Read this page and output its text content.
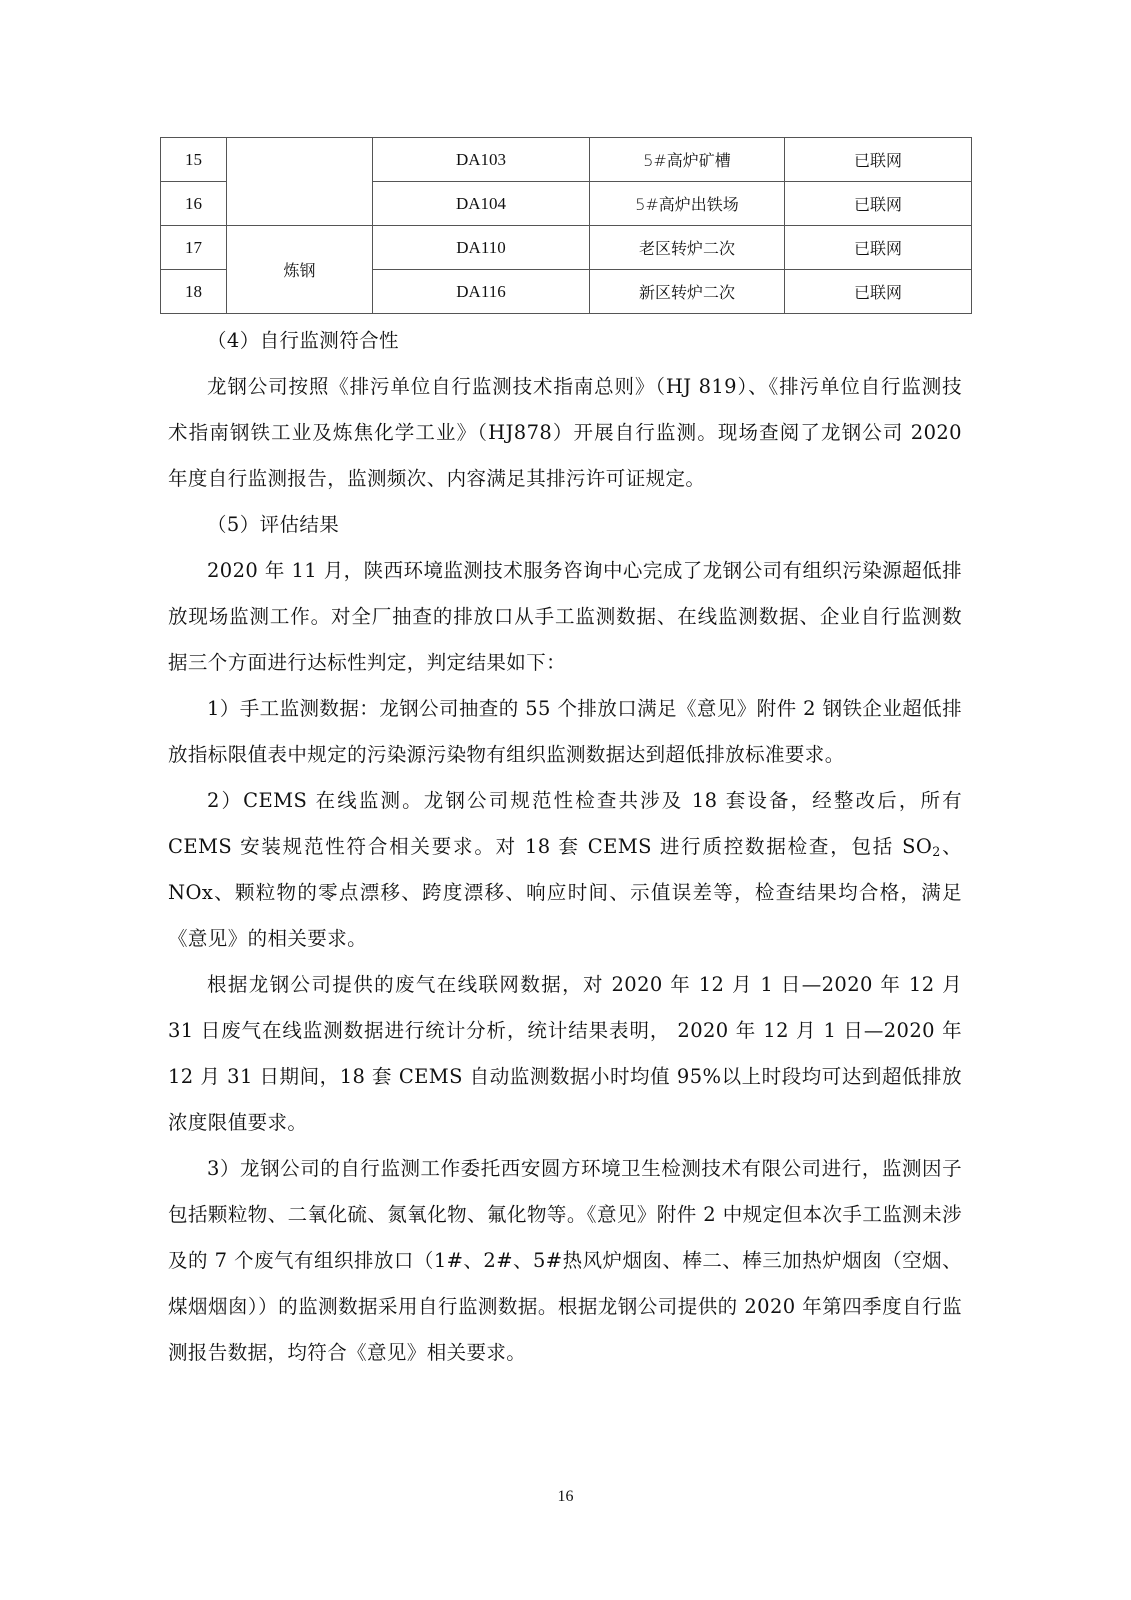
15		DA103	5#高炉矿槽	已联网
16		DA104	5#高炉出铁场	已联网
17	炼钢	DA110	老区转炉二次	已联网
18		DA116	新区转炉二次	已联网

（4）自行监测符合性

龙钢公司按照《排污单位自行监测技术指南总则》（HJ 819）、《排污单位自行监测技术指南钢铁工业及炼焦化学工业》（HJ878）开展自行监测。现场查阅了龙钢公司 2020 年度自行监测报告，监测频次、内容满足其排污许可证规定。

（5）评估结果

2020 年 11 月，陕西环境监测技术服务咨询中心完成了龙钢公司有组织污染源超低排放现场监测工作。对全厂抽查的排放口从手工监测数据、在线监测数据、企业自行监测数据三个方面进行达标性判定，判定结果如下：

1）手工监测数据：龙钢公司抽查的 55 个排放口满足《意见》附件 2 钢铁企业超低排放指标限值表中规定的污染源污染物有组织监测数据达到超低排放标准要求。

2）CEMS 在线监测。龙钢公司规范性检查共涉及 18 套设备，经整改后，所有 CEMS 安装规范性符合相关要求。对 18 套 CEMS 进行质控数据检查，包括 $SO_2$、NOx、颗粒物的零点漂移、跨度漂移、响应时间、示值误差等，检查结果均合格，满足《意见》的相关要求。

根据龙钢公司提供的废气在线联网数据，对 2020 年 12 月 1 日—2020 年 12 月 31 日废气在线监测数据进行统计分析，统计结果表明， 2020 年 12 月 1 日—2020 年 12 月 31 日期间，18 套 CEMS 自动监测数据小时均值 95%以上时段均可达到超低排放浓度限值要求。

3）龙钢公司的自行监测工作委托西安圆方环境卫生检测技术有限公司进行，监测因子包括颗粒物、二氧化硫、氮氧化物、氟化物等。《意见》附件 2 中规定但本次手工监测未涉及的 7 个废气有组织排放口（1#、2#、5#热风炉烟囱、棒二、棒三加热炉烟囱（空烟、煤烟烟囱））的监测数据采用自行监测数据。根据龙钢公司提供的 2020 年第四季度自行监测报告数据，均符合《意见》相关要求。

16
